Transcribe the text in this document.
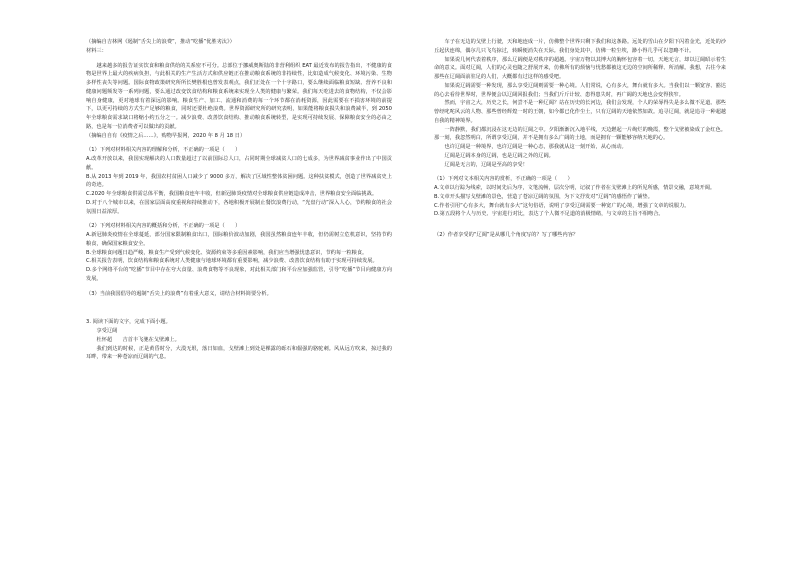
（摘编自吉林网《遏制“舌尖上的浪费”，推动“吃播”优胜劣汰》）

材料三：

越来越多的报告证实饮食和粮食供给的关系密不可分。总部位于挪威奥斯陆的非营利组织 EAT 最近发布的报告指出，不健康的食物是世界上最大的疾病负担，与此相关的生产生活方式和供应链正在推动粮食系统的非持续性，比如造成气候变化、环境污染、生物多样性丧失等问题。国际食物政策研究所所长樊胜根也曾发表观点，我们正处在一个十字路口，要么继续面临粮食短缺、营养不良和健康问题频发等一系列问题，要么通过改变饮食结构和粮食系统来实现全人类的健康与繁荣。我们每天吃进去的食物结构，不仅会影响自身健康，更对地球有着深远的影响。粮食生产、加工、流通和消费的每一个环节都在消耗资源，因此需要在不损害环境的前提下，以更可持续的方式生产足够的粮食，同时还要杜绝浪费。世界资源研究所的研究表明，如果能将粮食损失和浪费减半，到 2050 年全球粮食需求缺口将缩小约五分之一。减少浪费、改善饮食结构、推动粮食系统转型，是实现可持续发展、保障粮食安全的必由之路，也是每一位消费者可以做出的贡献。

（摘编自自有《疫情之后……》，购物早报网，2020 年 8 月 18 日）

（1）下列对材料相关内容的理解和分析，不正确的一项是（　　）

A.改革开放以来，我国实现解决的人口数量超过了以前国际总人口，占同时期全球减贫人口的七成多，为世界减贫事业作出了中国贡献。

B.从 2013 年到 2019 年，我国农村贫困人口减少了 9000 多万，解决了区域性整体贫困问题。这种扶贫模式，创造了世界减贫史上的奇迹。

C.2020 年全球粮食供需总体平衡，我国粮食连年丰收，但新冠肺炎疫情对全球粮食供应链造成冲击，世界粮食安全面临挑战。

D.对于八个城市以来，在国家层面高度重视和持续推动下，各地积极开展制止餐饮浪费行动，“光盘行动”深入人心，节约粮食的社会氛围日益浓厚。

（2）下列对材料相关内容的概括和分析，不正确的一项是（　　）

A.新冠肺炎疫情在全球蔓延，部分国家限制粮食出口，国际粮价波动加剧，我国虽然粮食连年丰收，但仍需树立危机意识，坚持节约粮食，确保国家粮食安全。

B.全球粮食问题日趋严峻，粮食生产受到气候变化、资源约束等多重因素影响，我们应当增强忧患意识，节约每一粒粮食。

C.相关报告表明，饮食结构和粮食系统对人类健康与地球环境都有重要影响，减少浪费、改善饮食结构有助于实现可持续发展。

D.多个网络平台的“吃播”节目中存在夸大食量、浪费食物等不良现象，对此相关部门和平台应加强监管，引导“吃播”节目向健康方向发展。

（3）当前我国倡导的遏制“舌尖上的浪费”有着重大意义，请结合材料简要分析。

3. 阅读下面的文字，完成下面小题。

享受辽阔

杜怀超　　吉首丰飞驰在戈壁滩上。

我们到达的时候，正是黄昏时分，大漠无垠，落日如血，戈壁滩上到处是裸露的砾石和倔强的骆驼刺。风从远方吹来，掠过我的耳畔，带来一种苍凉而辽阔的气息。

车子在无边的戈壁上行驶，天和地连成一片，仿佛整个世界只剩下我们和这条路。远处的雪山在夕阳下闪着金光，近处的沙丘起伏连绵，偶尔几只飞鸟掠过，转瞬便消失在天际。我们身处其中，仿佛一粒尘埃，渺小得几乎可以忽略不计。

如果说几何代表着秩序，那么辽阔便是对秩序的超越。宇宙万物以其博大的胸怀包容着一切，天地无言，却以辽阔昭示着生命的意义。面对辽阔，人们的心灵也随之舒展开来，仿佛所有的烦恼与忧愁都被这无边的空间所稀释、所消解。我想，古往今来那些在辽阔面前驻足的人们，大概都有过这样的感受吧。

如果说辽阔需要一种发现，那么享受辽阔则需要一种心境。人们常说，心有多大，舞台就有多大。当我们以一颗宽容、豁达的心去看待世界时，世界便会以辽阔回报我们；当我们斤斤计较、患得患失时，再广阔的天地也会变得狭窄。

然而，宇宙之大，历史之长，何尝不是一种辽阔？站在历史的长河边，我们会发现，个人的荣辱得失是多么微不足道。那些曾经叱咤风云的人物、那些曾经辉煌一时的王朝，如今都已化作尘土，只有辽阔的天地依然如故。追寻辽阔，就是追寻一种超越自我的精神境界。

一阵静默，我们都沉浸在这无边的辽阔之中。夕阳渐渐沉入地平线，天边燃起一片绚烂的晚霞，整个戈壁被染成了金红色。那一刻，我忽然明白，所谓享受辽阔，并不是拥有多么广阔的土地，而是拥有一颗能够容纳天地的心。

也许辽阔是一种境界，也许辽阔是一种心态，那我就从这一刻开始，从心而动。

辽阔是辽阔本身的辽阔，也是辽阔之外的辽阔。

辽阔是无言的，辽阔是至高的享受！

（1）下列对文本相关内容的赏析，不正确的一项是（　　）

A.文章以行踪为线索，以时间先后为序，文笔流畅，层次分明，记叙了作者在戈壁滩上的所见所感，情景交融，意境开阔。

B.文章开头描写戈壁滩的景色，营造了苍凉辽阔的氛围，为下文抒发对“辽阔”的感悟作了铺垫。

C.作者引用“心有多大，舞台就有多大”这句俗语，说明了享受辽阔需要一种宽广的心境，增强了文章的说服力。

D.第五段将个人与历史、宇宙进行对比，表达了个人微不足道的消极情绪，与文章的主旨不相吻合。

（2）作者享受的“辽阔”是从哪几个角度写的？写了哪些内容？
